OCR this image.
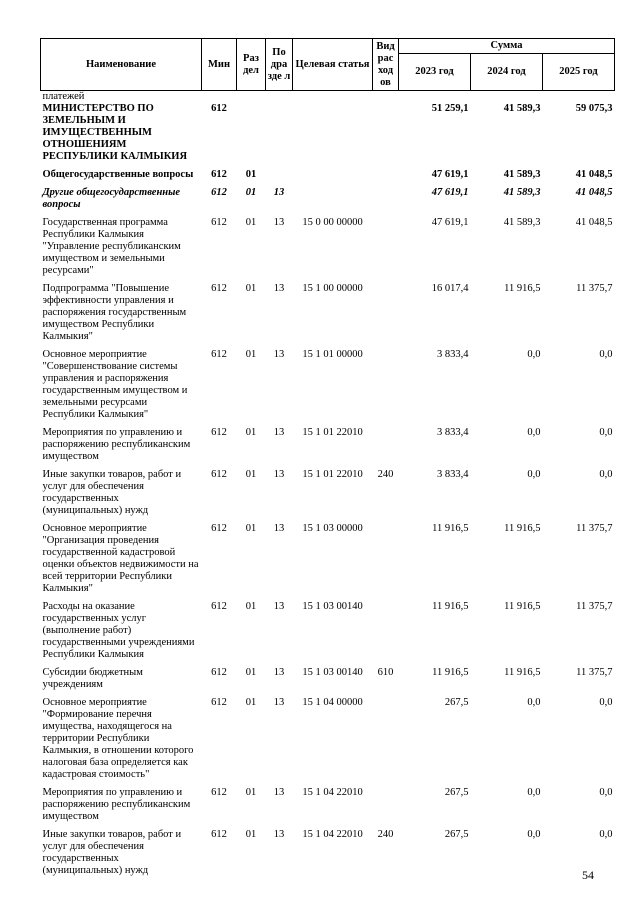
Наименование	Мин	Раз дел	По дра зде л	Целевая статья	Вид рас ход ов	Сумма		
						2023 год	2024 год	2025 год
платежей								
МИНИСТЕРСТВО ПО ЗЕМЕЛЬНЫМ И ИМУЩЕСТВЕННЫМ ОТНОШЕНИЯМ РЕСПУБЛИКИ КАЛМЫКИЯ	612					51 259,1	41 589,3	59 075,3
Общегосударственные вопросы	612	01				47 619,1	41 589,3	41 048,5
Другие общегосударственные вопросы	612	01	13			47 619,1	41 589,3	41 048,5
Государственная программа Республики Калмыкия "Управление республиканским имуществом и земельными ресурсами"	612	01	13	15 0 00 00000		47 619,1	41 589,3	41 048,5
Подпрограмма "Повышение эффективности управления и распоряжения государственным имуществом Республики Калмыкия"	612	01	13	15 1 00 00000		16 017,4	11 916,5	11 375,7
Основное мероприятие "Совершенствование системы управления и распоряжения государственным имуществом и земельными ресурсами Республики Калмыкия"	612	01	13	15 1 01 00000		3 833,4	0,0	0,0
Мероприятия по управлению и распоряжению республиканским имуществом	612	01	13	15 1 01 22010		3 833,4	0,0	0,0
Иные закупки товаров, работ и услуг для обеспечения государственных (муниципальных) нужд	612	01	13	15 1 01 22010	240	3 833,4	0,0	0,0
Основное мероприятие "Организация проведения государственной кадастровой оценки объектов недвижимости на всей территории Республики Калмыкия"	612	01	13	15 1 03 00000		11 916,5	11 916,5	11 375,7
Расходы на оказание государственных услуг (выполнение работ) государственными учреждениями Республики Калмыкия	612	01	13	15 1 03 00140		11 916,5	11 916,5	11 375,7
Субсидии бюджетным учреждениям	612	01	13	15 1 03 00140	610	11 916,5	11 916,5	11 375,7
Основное мероприятие "Формирование перечня имущества, находящегося на территории Республики Калмыкия, в отношении которого налоговая база определяется как кадастровая стоимость"	612	01	13	15 1 04 00000		267,5	0,0	0,0
Мероприятия по управлению и распоряжению республиканским имуществом	612	01	13	15 1 04 22010		267,5	0,0	0,0
Иные закупки товаров, работ и услуг для обеспечения государственных (муниципальных) нужд	612	01	13	15 1 04 22010	240	267,5	0,0	0,0
54
